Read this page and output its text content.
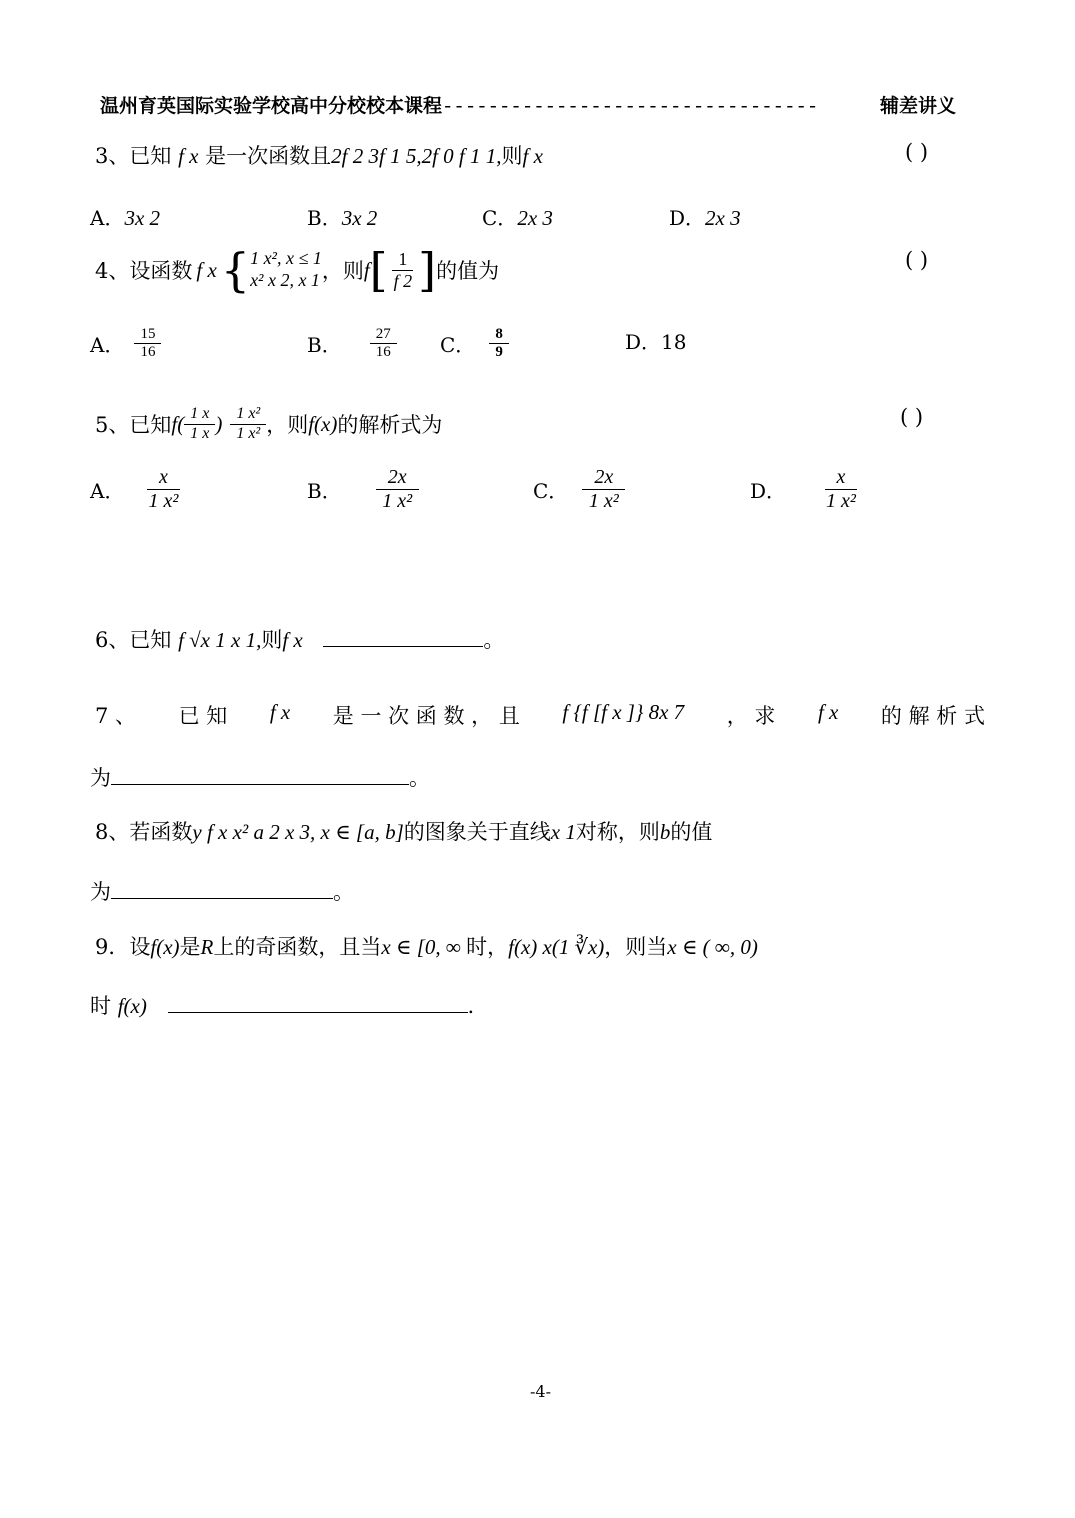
温州育英国际实验学校高中分校校本课程---------------------------------	辅差讲义
3、已知 f x 是一次函数且2f 2 3f 1 5,2f 0 f 1 1,则f x	( )
A．3x 2	B．3x 2	C．2x 3	D．2x 3
4、 设函数 f x { 1 x², x ≤ 1
x² x 2, x 1 ，则 f [ $\frac{1}{f 2}$ ] 的值为	( )
A． $\frac{15}{16}$	B． $\frac{27}{16}$ C． $\frac{8}{9}$	D．18
5、 已知 $f( \frac{1 x}{1 x}$ ) $\frac{\text{1 x²}}{\text{1 x²}}$ ，则 f(x) 的解析式为	( )
A． $\frac{x}{\text{1 x²}}$	B． $\frac{2x}{\text{1 x²}}$	C． $\frac{2x}{\text{1 x²}}$	D． $\frac{x}{\text{1 x²}}$
6、已知 f √x 1 x 1,则f x	。
7 、 已 知 f x 是 一 次 函 数 ， 且 f {f [f x ]} 8x 7 ， 求 f x 的 解 析 式
为	。
8、若函数y f x x² a 2 x 3, x ∈ [a, b]的图象关于直线x 1对称，则b的值
为	。
9．设f(x)是R上的奇函数，且当x ∈ [0, ∞ 时，f(x) x(1 ∛x)，则当x ∈ ( ∞, 0)
时 f(x)	.
-4-
